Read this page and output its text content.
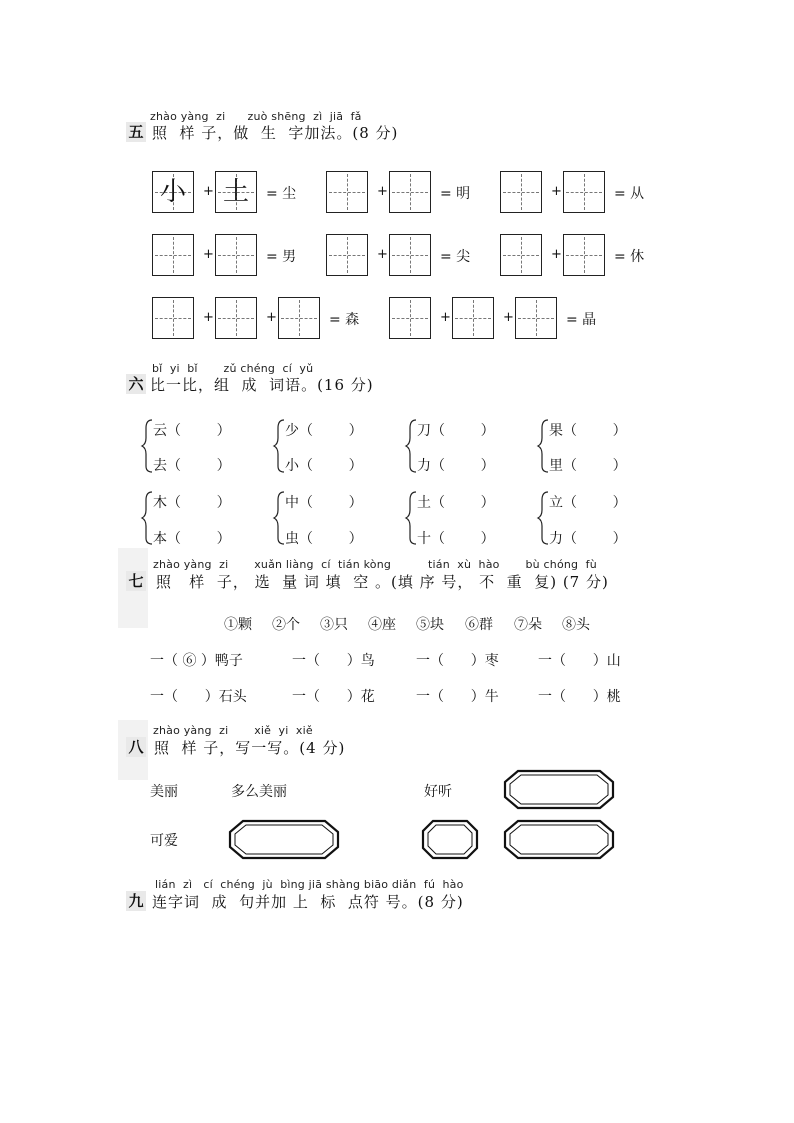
zhào yàng  zi      zuò shēng  zì  jiā  fǎ
五 照  样 子，做  生  字加法。(8 分)
小	+ 土	= 尘	+	= 明	+	= 从
+	= 男	+	= 尖	+	= 休
+	+	= 森	+	+	= 晶
bǐ  yi  bǐ       zǔ chéng  cí  yǔ
六 比一比，组  成  词语。(16 分)
云（        ）
去（        ）
少（        ）
小（        ）
刀（        ）
力（        ）
果（        ）
里（        ）
木（        ）
本（        ）
中（        ）
虫（        ）
土（        ）
十（        ）
立（        ）
力（        ）
zhào yàng  zi       xuǎn liàng  cí  tián kòng          tián  xù  hào       bù chóng  fù
七 照   样  子， 选  量 词 填  空 。(填 序 号， 不  重  复) (7 分)
①颗 ②个 ③只 ④座 ⑤块 ⑥群 ⑦朵 ⑧头
一（ ⑥ ）鸭子	一（      ）鸟	一（      ）枣	一（      ）山
一（      ）石头	一（      ）花	一（      ）牛	一（      ）桃
zhào yàng  zi       xiě  yi  xiě
八 照  样 子，写一写。(4 分)
美丽	多么美丽	好听
可爱
lián  zì   cí  chéng  jù  bìng jiā shàng biāo diǎn  fú  hào
九 连字词  成  句并加 上  标  点符 号。(8 分)
